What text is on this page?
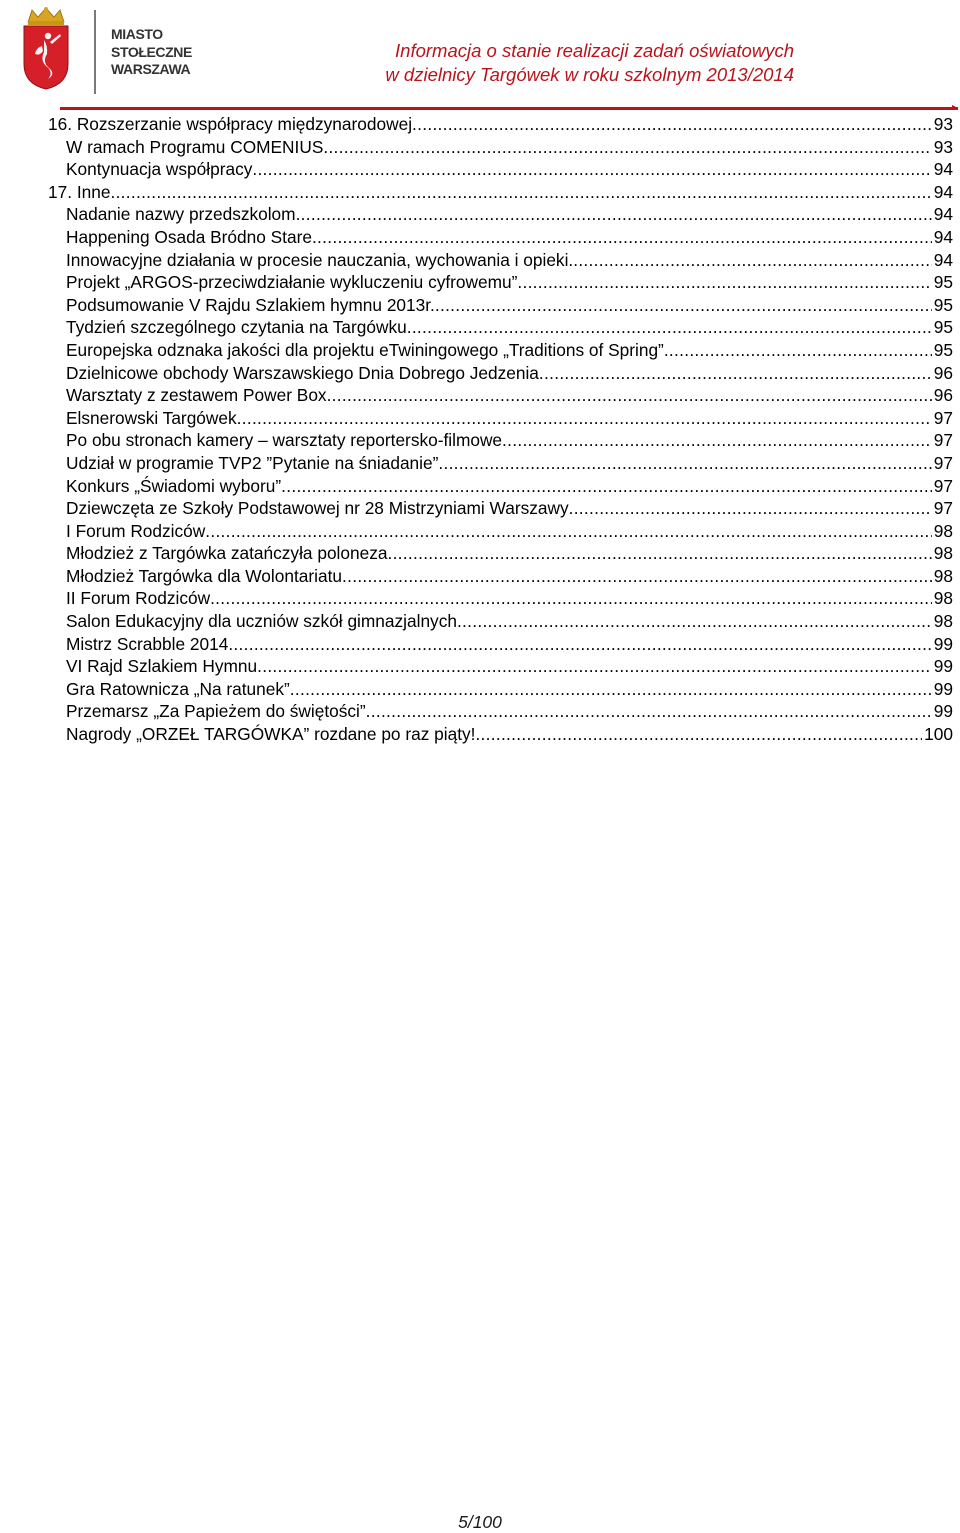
MIASTO
STOŁECZNE
WARSZAWA
Informacja o stanie realizacji zadań oświatowych
w dzielnicy Targówek w roku szkolnym 2013/2014
16. Rozszerzanie współpracy międzynarodowej .....	93
W ramach Programu COMENIUS .....	93
Kontynuacja współpracy .....	94
17. Inne .....	94
Nadanie nazwy przedszkolom .....	94
Happening Osada Bródno Stare .....	94
Innowacyjne działania w procesie nauczania, wychowania i opieki. .....	94
Projekt „ARGOS-przeciwdziałanie wykluczeniu cyfrowemu” .....	95
Podsumowanie V Rajdu Szlakiem hymnu 2013r. .....	95
Tydzień szczególnego czytania na Targówku .....	95
Europejska odznaka jakości dla projektu eTwiningowego „Traditions of Spring” .....	95
Dzielnicowe obchody Warszawskiego Dnia Dobrego Jedzenia .....	96
Warsztaty z zestawem Power Box .....	96
Elsnerowski Targówek .....	97
Po obu stronach kamery – warsztaty reportersko-filmowe .....	97
Udział w programie TVP2 ”Pytanie na śniadanie” .....	97
Konkurs „Świadomi wyboru” .....	97
Dziewczęta ze Szkoły Podstawowej nr 28 Mistrzyniami Warszawy .....	97
I Forum Rodziców .....	98
Młodzież z Targówka zatańczyła poloneza .....	98
Młodzież Targówka dla Wolontariatu .....	98
II Forum Rodziców .....	98
Salon Edukacyjny dla uczniów szkół gimnazjalnych .....	98
Mistrz Scrabble 2014 .....	99
VI Rajd Szlakiem Hymnu .....	99
Gra Ratownicza „Na ratunek” .....	99
Przemarsz „Za Papieżem do świętości” .....	99
Nagrody „ORZEŁ TARGÓWKA” rozdane po raz piąty! .....	100
5/100
